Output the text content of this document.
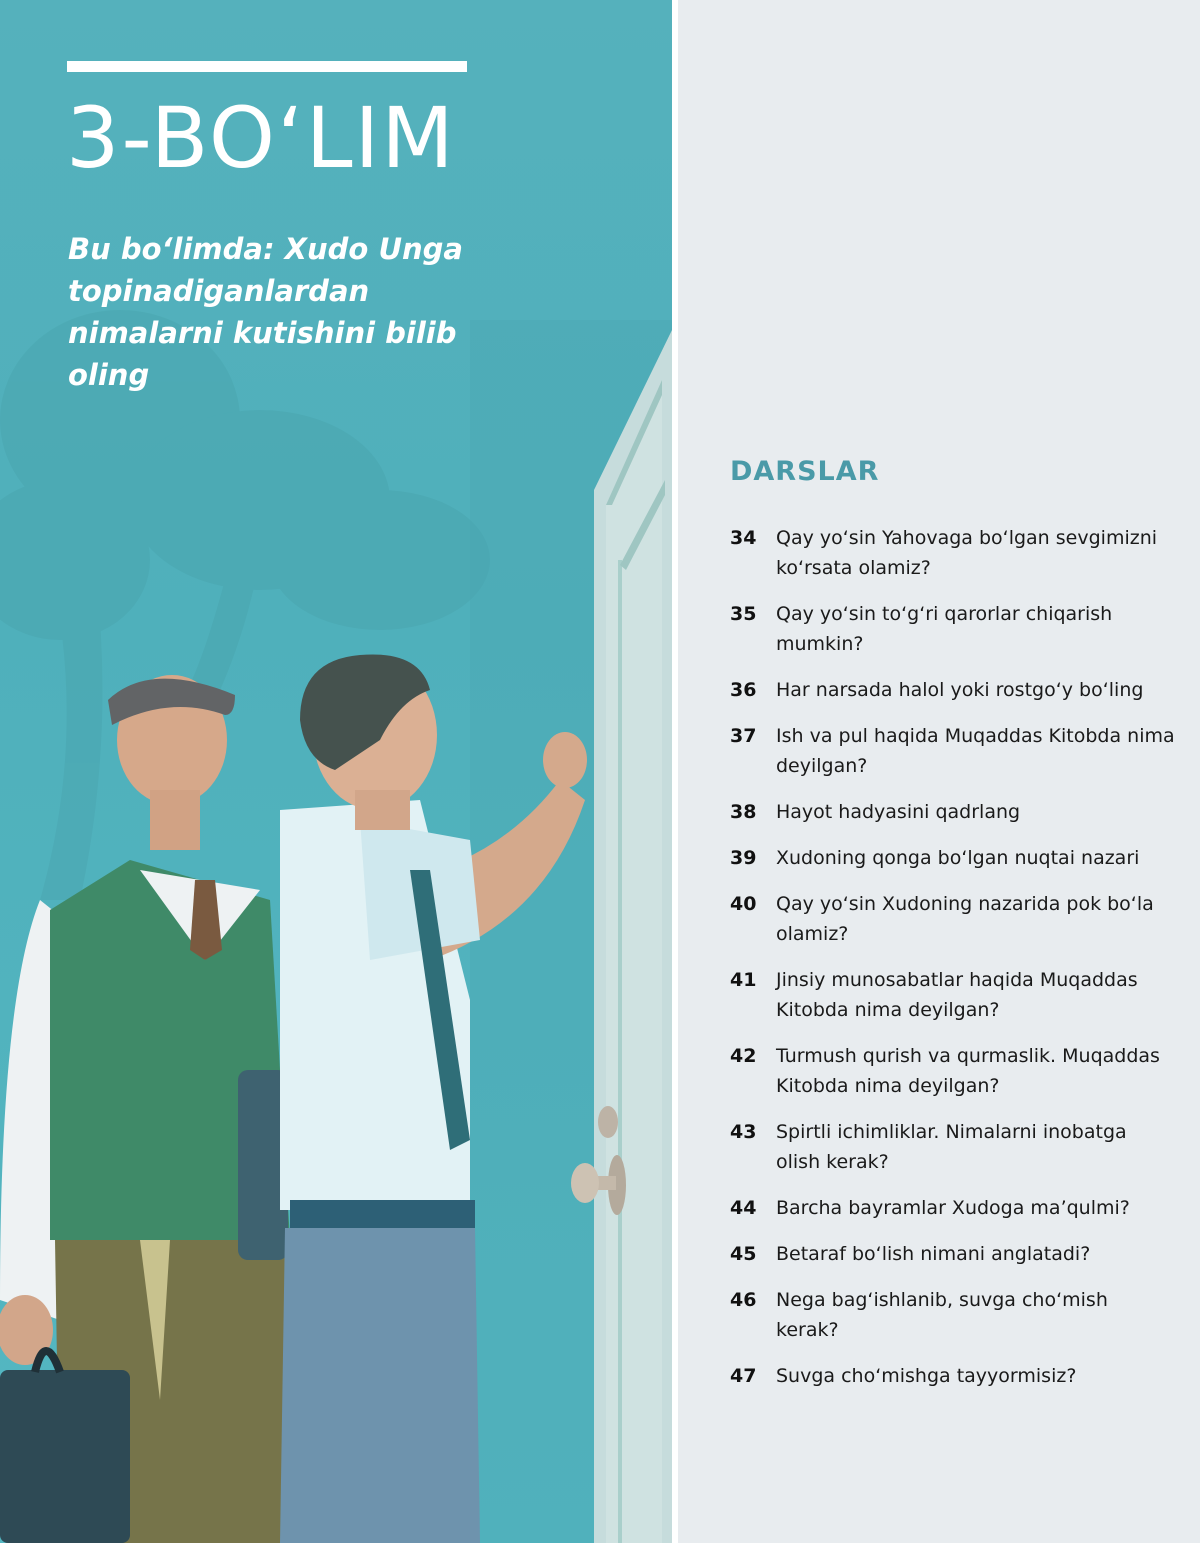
3-BO‘LIM

Bu bo‘limda: Xudo Unga topinadiganlardan nimalarni kutishini bilib oling

DARSLAR
34	Qay yo‘sin Yahovaga bo‘lgan sevgimizni ko‘rsata olamiz?
35	Qay yo‘sin to‘g‘ri qarorlar chiqarish mumkin?
36	Har narsada halol yoki rostgo‘y bo‘ling
37	Ish va pul haqida Muqaddas Kitobda nima deyilgan?
38	Hayot hadyasini qadrlang
39	Xudoning qonga bo‘lgan nuqtai nazari
40	Qay yo‘sin Xudoning nazarida pok bo‘la olamiz?
41	Jinsiy munosabatlar haqida Muqaddas Kitobda nima deyilgan?
42	Turmush qurish va qurmaslik. Muqaddas Kitobda nima deyilgan?
43	Spirtli ichimliklar. Nimalarni inobatga olish kerak?
44	Barcha bayramlar Xudoga ma’qulmi?
45	Betaraf bo‘lish nimani anglatadi?
46	Nega bag‘ishlanib, suvga cho‘mish kerak?
47	Suvga cho‘mishga tayyormisiz?
